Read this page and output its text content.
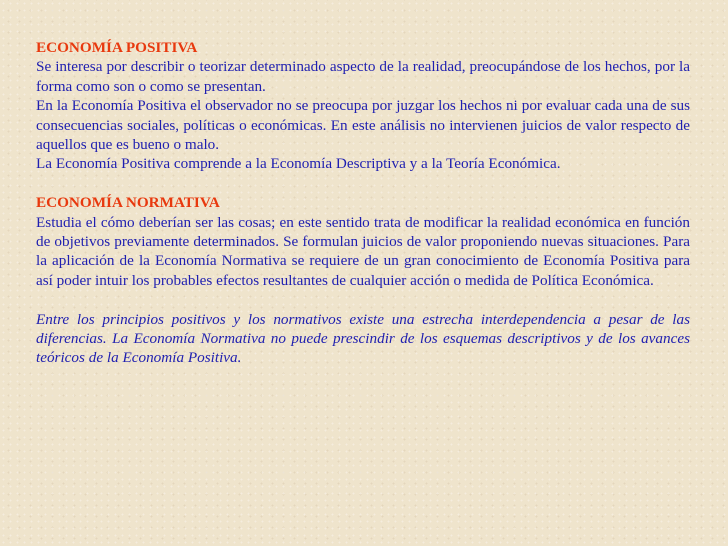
ECONOMÍA POSITIVA
Se interesa por describir o teorizar determinado aspecto de la realidad, preocupándose de los hechos, por la forma como son o como se presentan.
En la Economía Positiva el observador no se preocupa por juzgar los hechos ni por evaluar cada una de sus consecuencias sociales, políticas o económicas. En este análisis no intervienen juicios de valor respecto de aquellos que es bueno o malo.
La Economía Positiva comprende a la Economía Descriptiva y a la Teoría Económica.
ECONOMÍA NORMATIVA
Estudia el cómo deberían ser las cosas; en este sentido trata de modificar la realidad económica en función de objetivos previamente determinados. Se formulan juicios de valor proponiendo nuevas situaciones. Para la aplicación de la Economía Normativa se requiere de un gran conocimiento de Economía Positiva para así poder intuir los probables efectos resultantes de cualquier acción o medida de Política Económica.
Entre los principios positivos y los normativos existe una estrecha interdependencia a pesar de las diferencias. La Economía Normativa no puede prescindir de los esquemas descriptivos y de los avances teóricos de la Economía Positiva.
